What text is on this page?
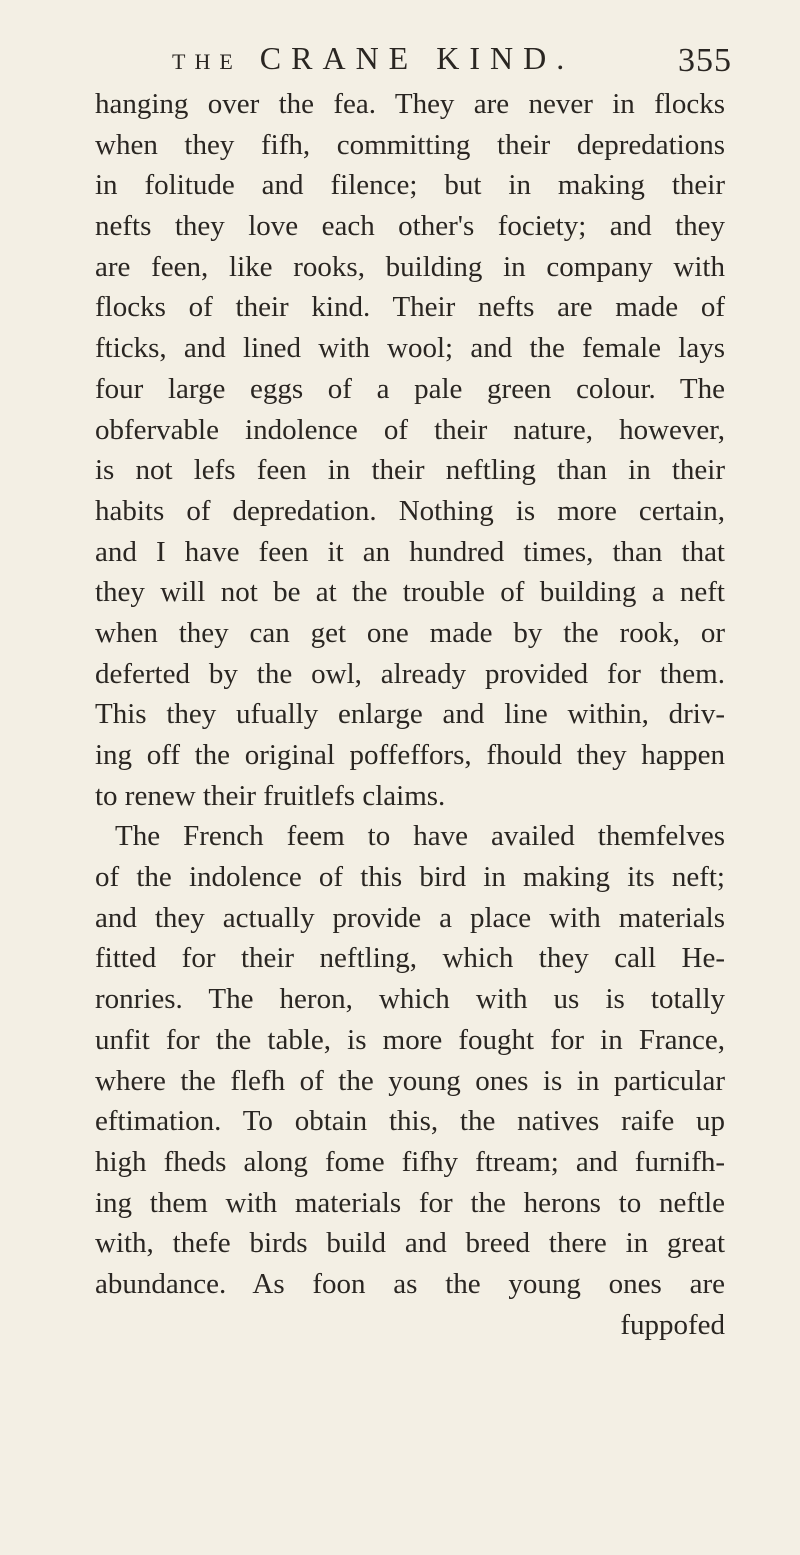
THE CRANE KIND.	355
hanging over the fea. They are never in flocks
when they fifh, committing their depredations
in folitude and filence; but in making their
nefts they love each other's fociety; and they
are feen, like rooks, building in company with
flocks of their kind. Their nefts are made of
fticks, and lined with wool; and the female lays
four large eggs of a pale green colour. The
obfervable indolence of their nature, however,
is not lefs feen in their neftling than in their
habits of depredation. Nothing is more certain,
and I have feen it an hundred times, than that
they will not be at the trouble of building a neft
when they can get one made by the rook, or
deferted by the owl, already provided for them.
This they ufually enlarge and line within, driv-
ing off the original poffeffors, fhould they happen
to renew their fruitlefs claims.
The French feem to have availed themfelves
of the indolence of this bird in making its neft;
and they actually provide a place with materials
fitted for their neftling, which they call He-
ronries. The heron, which with us is totally
unfit for the table, is more fought for in France,
where the flefh of the young ones is in particular
eftimation. To obtain this, the natives raife up
high fheds along fome fifhy ftream; and furnifh-
ing them with materials for the herons to neftle
with, thefe birds build and breed there in great
abundance. As foon as the young ones are
fuppofed
